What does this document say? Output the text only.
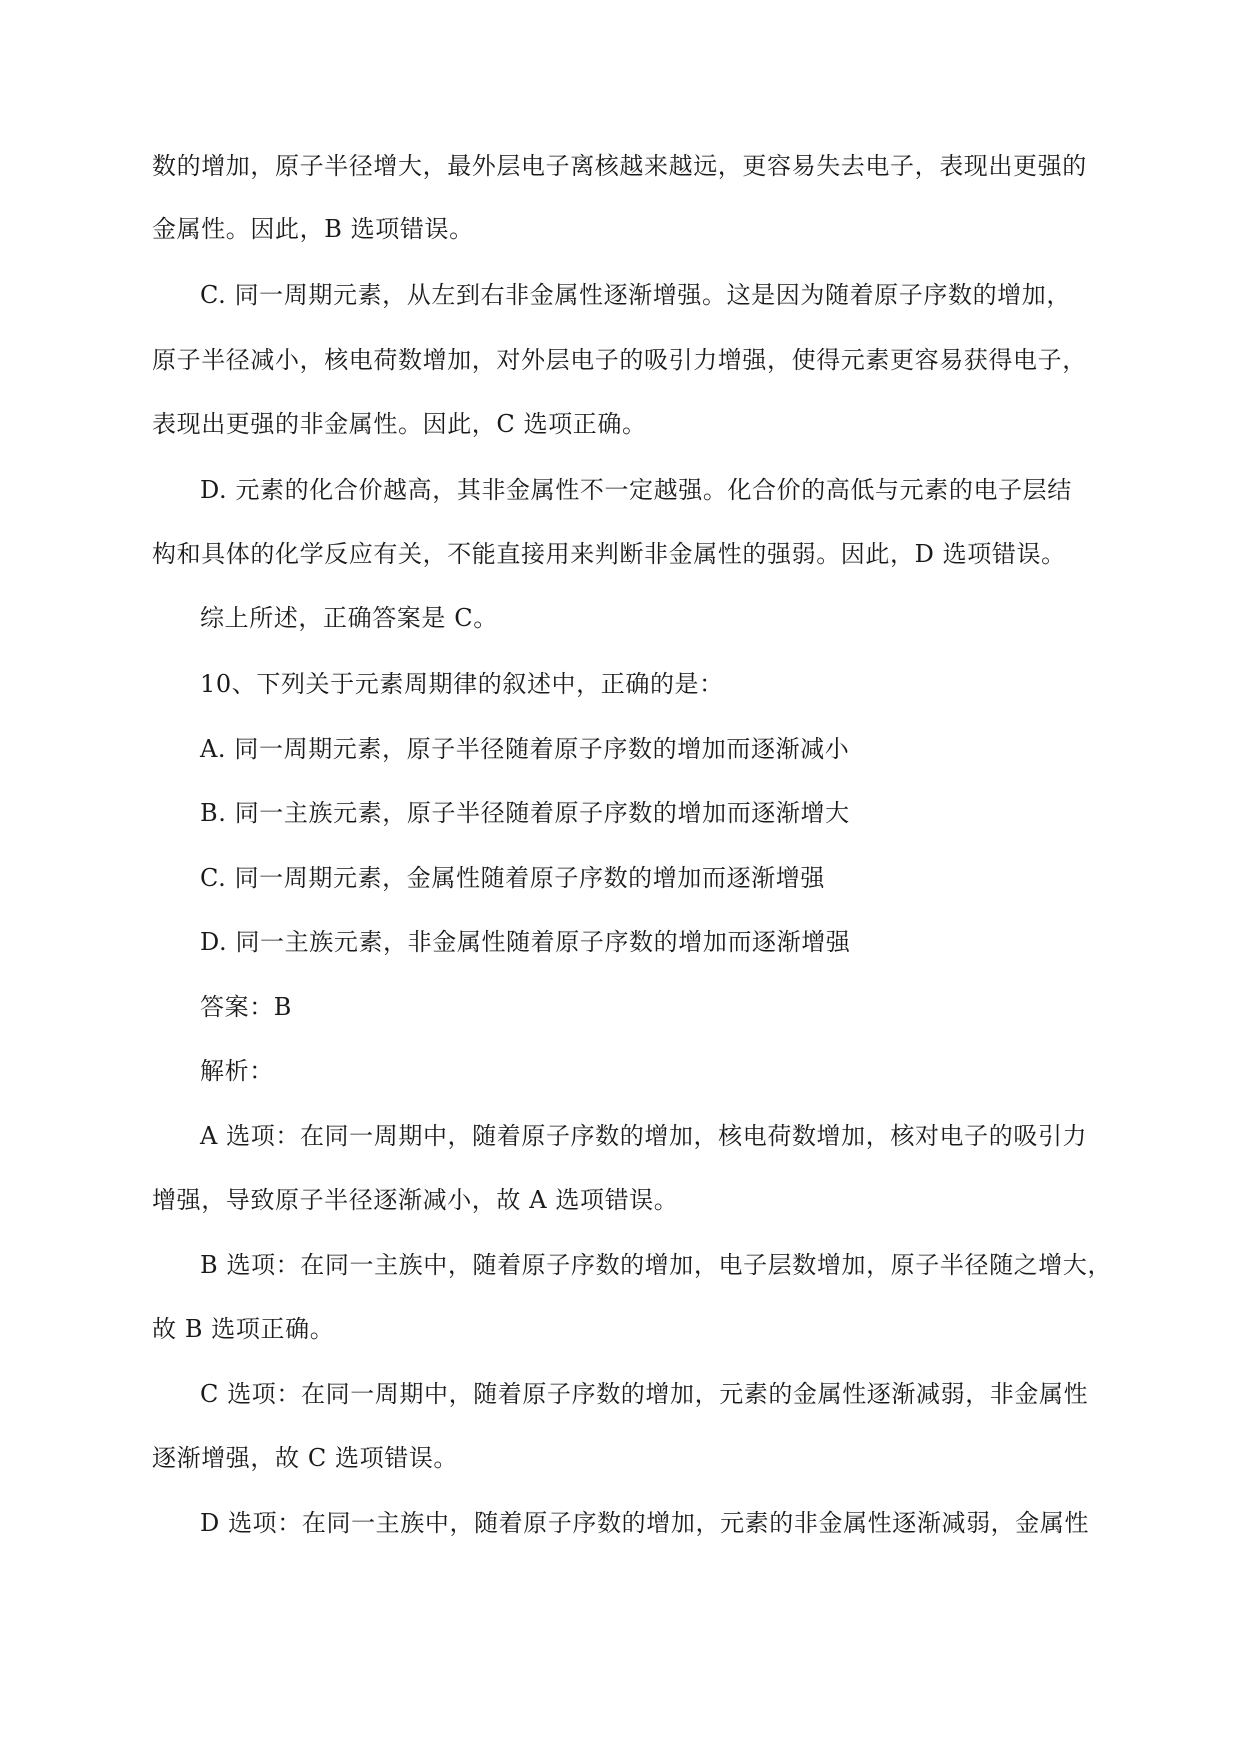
数的增加，原子半径增大，最外层电子离核越来越远，更容易失去电子，表现出更强的

金属性。因此，B 选项错误。

C. 同一周期元素，从左到右非金属性逐渐增强。这是因为随着原子序数的增加，

原子半径减小，核电荷数增加，对外层电子的吸引力增强，使得元素更容易获得电子，

表现出更强的非金属性。因此，C 选项正确。

D. 元素的化合价越高，其非金属性不一定越强。化合价的高低与元素的电子层结

构和具体的化学反应有关，不能直接用来判断非金属性的强弱。因此，D 选项错误。

综上所述，正确答案是 C。

10、下列关于元素周期律的叙述中，正确的是：

A. 同一周期元素，原子半径随着原子序数的增加而逐渐减小

B. 同一主族元素，原子半径随着原子序数的增加而逐渐增大

C. 同一周期元素，金属性随着原子序数的增加而逐渐增强

D. 同一主族元素，非金属性随着原子序数的增加而逐渐增强

答案：B

解析：

A 选项：在同一周期中，随着原子序数的增加，核电荷数增加，核对电子的吸引力

增强，导致原子半径逐渐减小，故 A 选项错误。

B 选项：在同一主族中，随着原子序数的增加，电子层数增加，原子半径随之增大，

故 B 选项正确。

C 选项：在同一周期中，随着原子序数的增加，元素的金属性逐渐减弱，非金属性

逐渐增强，故 C 选项错误。

D 选项：在同一主族中，随着原子序数的增加，元素的非金属性逐渐减弱，金属性
